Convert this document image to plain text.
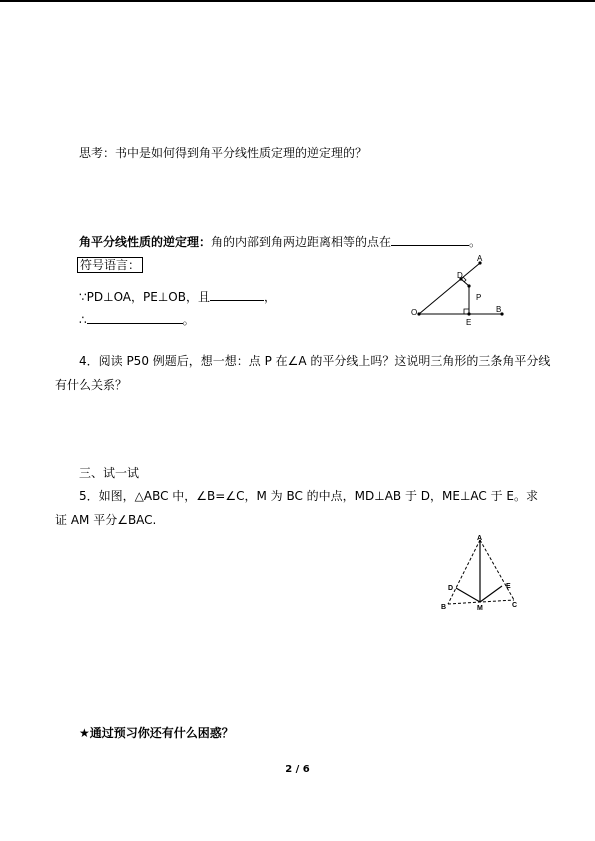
思考：书中是如何得到角平分线性质定理的逆定理的？
角平分线性质的逆定理：角的内部到角两边距离相等的点在	。
符号语言：
∵PD⊥OA，PE⊥OB，且	，
∴	。
O
A
B
D
P
E
4．阅读 P50 例题后，想一想：点 P 在∠A 的平分线上吗？这说明三角形的三条角平分线
有什么关系？
三、试一试
5．如图，△ABC 中，∠B=∠C，M 为 BC 的中点，MD⊥AB 于 D，ME⊥AC 于 E。求
证 AM 平分∠BAC.
A
B	C
D	E
M
★通过预习你还有什么困惑？
2 / 6
